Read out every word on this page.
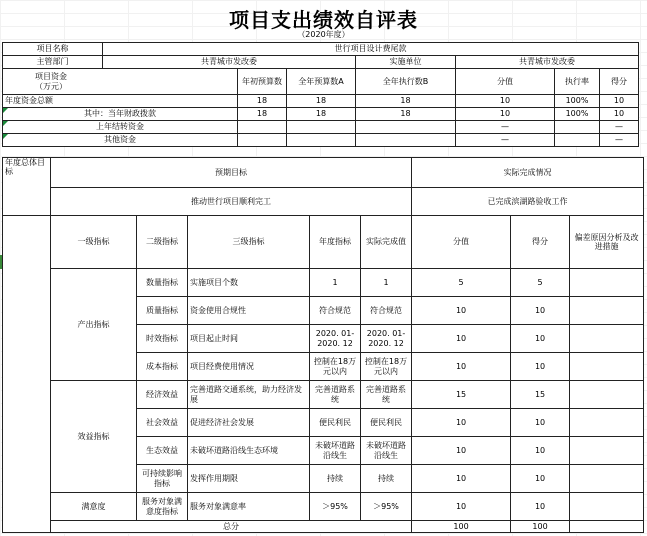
项目支出绩效自评表
（2020年度）
项目名称	世行项目设计费尾款						
主管部门	共青城市发改委			实施单位	共青城市发改委		

项目资金
（万元）		年初预算数	全年预算数A	全年执行数B	分值	执行率	得分
年度资金总额		18	18	18	10	100%	10
其中：当年财政拨款		18	18	18	10	100%	10
上年结转资金					—		—
其他资金					—		—
年度总体目标	预期目标					实际完成情况		
	推动世行项目顺利完工					已完成滨湖路验收工作		
	一级指标	二级指标	三级指标	年度指标	实际完成值	分值	得分	偏差原因分析及改进措施
	产出指标	数量指标	实施项目个数	1	1	5	5	
		质量指标	资金使用合规性	符合规范	符合规范	10	10	
		时效指标	项目起止时间	2020. 01-2020. 12	2020. 01-2020. 12	10	10	
		成本指标	项目经费使用情况	控制在18万元以内	控制在18万元以内	10	10	
	效益指标	经济效益	完善道路交通系统，助力经济发展	完善道路系统	完善道路系统	15	15	
		社会效益	促进经济社会发展	便民利民	便民利民	10	10	
		生态效益	未破坏道路沿线生态环境	未破坏道路沿线生	未破坏道路沿线生	10	10	
		可持续影响指标	发挥作用期限	持续	持续	10	10	
	满意度	服务对象满意度指标	服务对象满意率	＞95%	＞95%	10	10	
	总分					100	100	
